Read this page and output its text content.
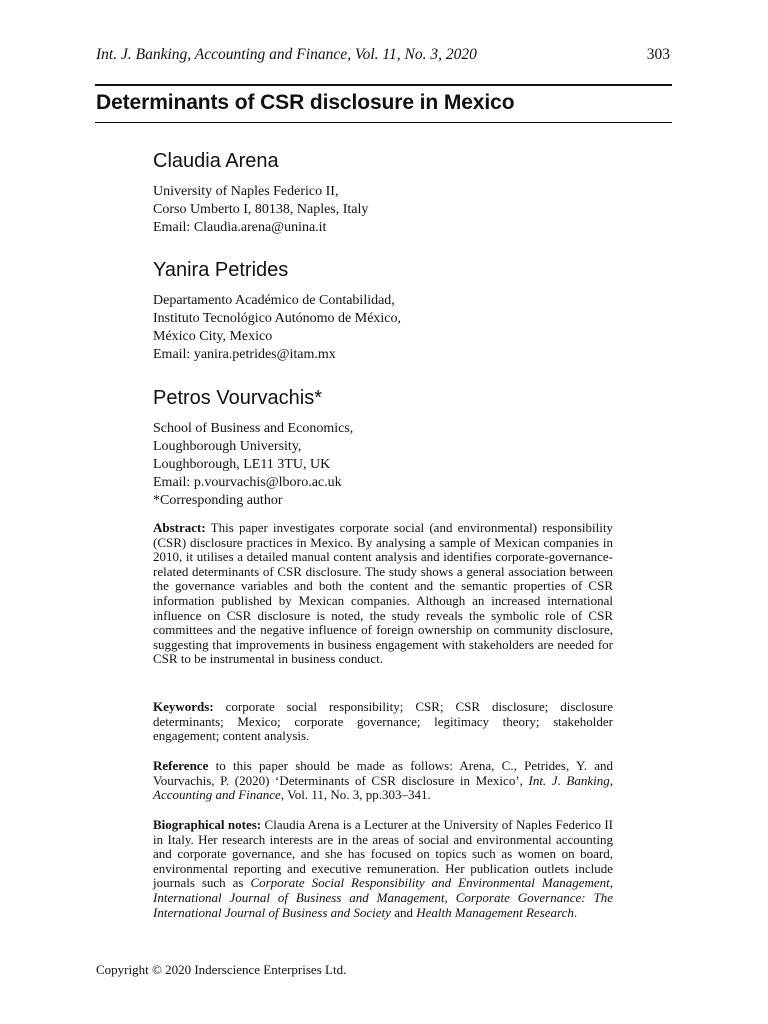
Int. J. Banking, Accounting and Finance, Vol. 11, No. 3, 2020	303
Determinants of CSR disclosure in Mexico
Claudia Arena
University of Naples Federico II,
Corso Umberto I, 80138, Naples, Italy
Email: Claudia.arena@unina.it
Yanira Petrides
Departamento Académico de Contabilidad,
Instituto Tecnológico Autónomo de México,
México City, Mexico
Email: yanira.petrides@itam.mx
Petros Vourvachis*
School of Business and Economics,
Loughborough University,
Loughborough, LE11 3TU, UK
Email: p.vourvachis@lboro.ac.uk
*Corresponding author
Abstract: This paper investigates corporate social (and environmental) responsibility (CSR) disclosure practices in Mexico. By analysing a sample of Mexican companies in 2010, it utilises a detailed manual content analysis and identifies corporate-governance-related determinants of CSR disclosure. The study shows a general association between the governance variables and both the content and the semantic properties of CSR information published by Mexican companies. Although an increased international influence on CSR disclosure is noted, the study reveals the symbolic role of CSR committees and the negative influence of foreign ownership on community disclosure, suggesting that improvements in business engagement with stakeholders are needed for CSR to be instrumental in business conduct.
Keywords: corporate social responsibility; CSR; CSR disclosure; disclosure determinants; Mexico; corporate governance; legitimacy theory; stakeholder engagement; content analysis.
Reference to this paper should be made as follows: Arena, C., Petrides, Y. and Vourvachis, P. (2020) ‘Determinants of CSR disclosure in Mexico’, Int. J. Banking, Accounting and Finance, Vol. 11, No. 3, pp.303–341.
Biographical notes: Claudia Arena is a Lecturer at the University of Naples Federico II in Italy. Her research interests are in the areas of social and environmental accounting and corporate governance, and she has focused on topics such as women on board, environmental reporting and executive remuneration. Her publication outlets include journals such as Corporate Social Responsibility and Environmental Management, International Journal of Business and Management, Corporate Governance: The International Journal of Business and Society and Health Management Research.
Copyright © 2020 Inderscience Enterprises Ltd.
